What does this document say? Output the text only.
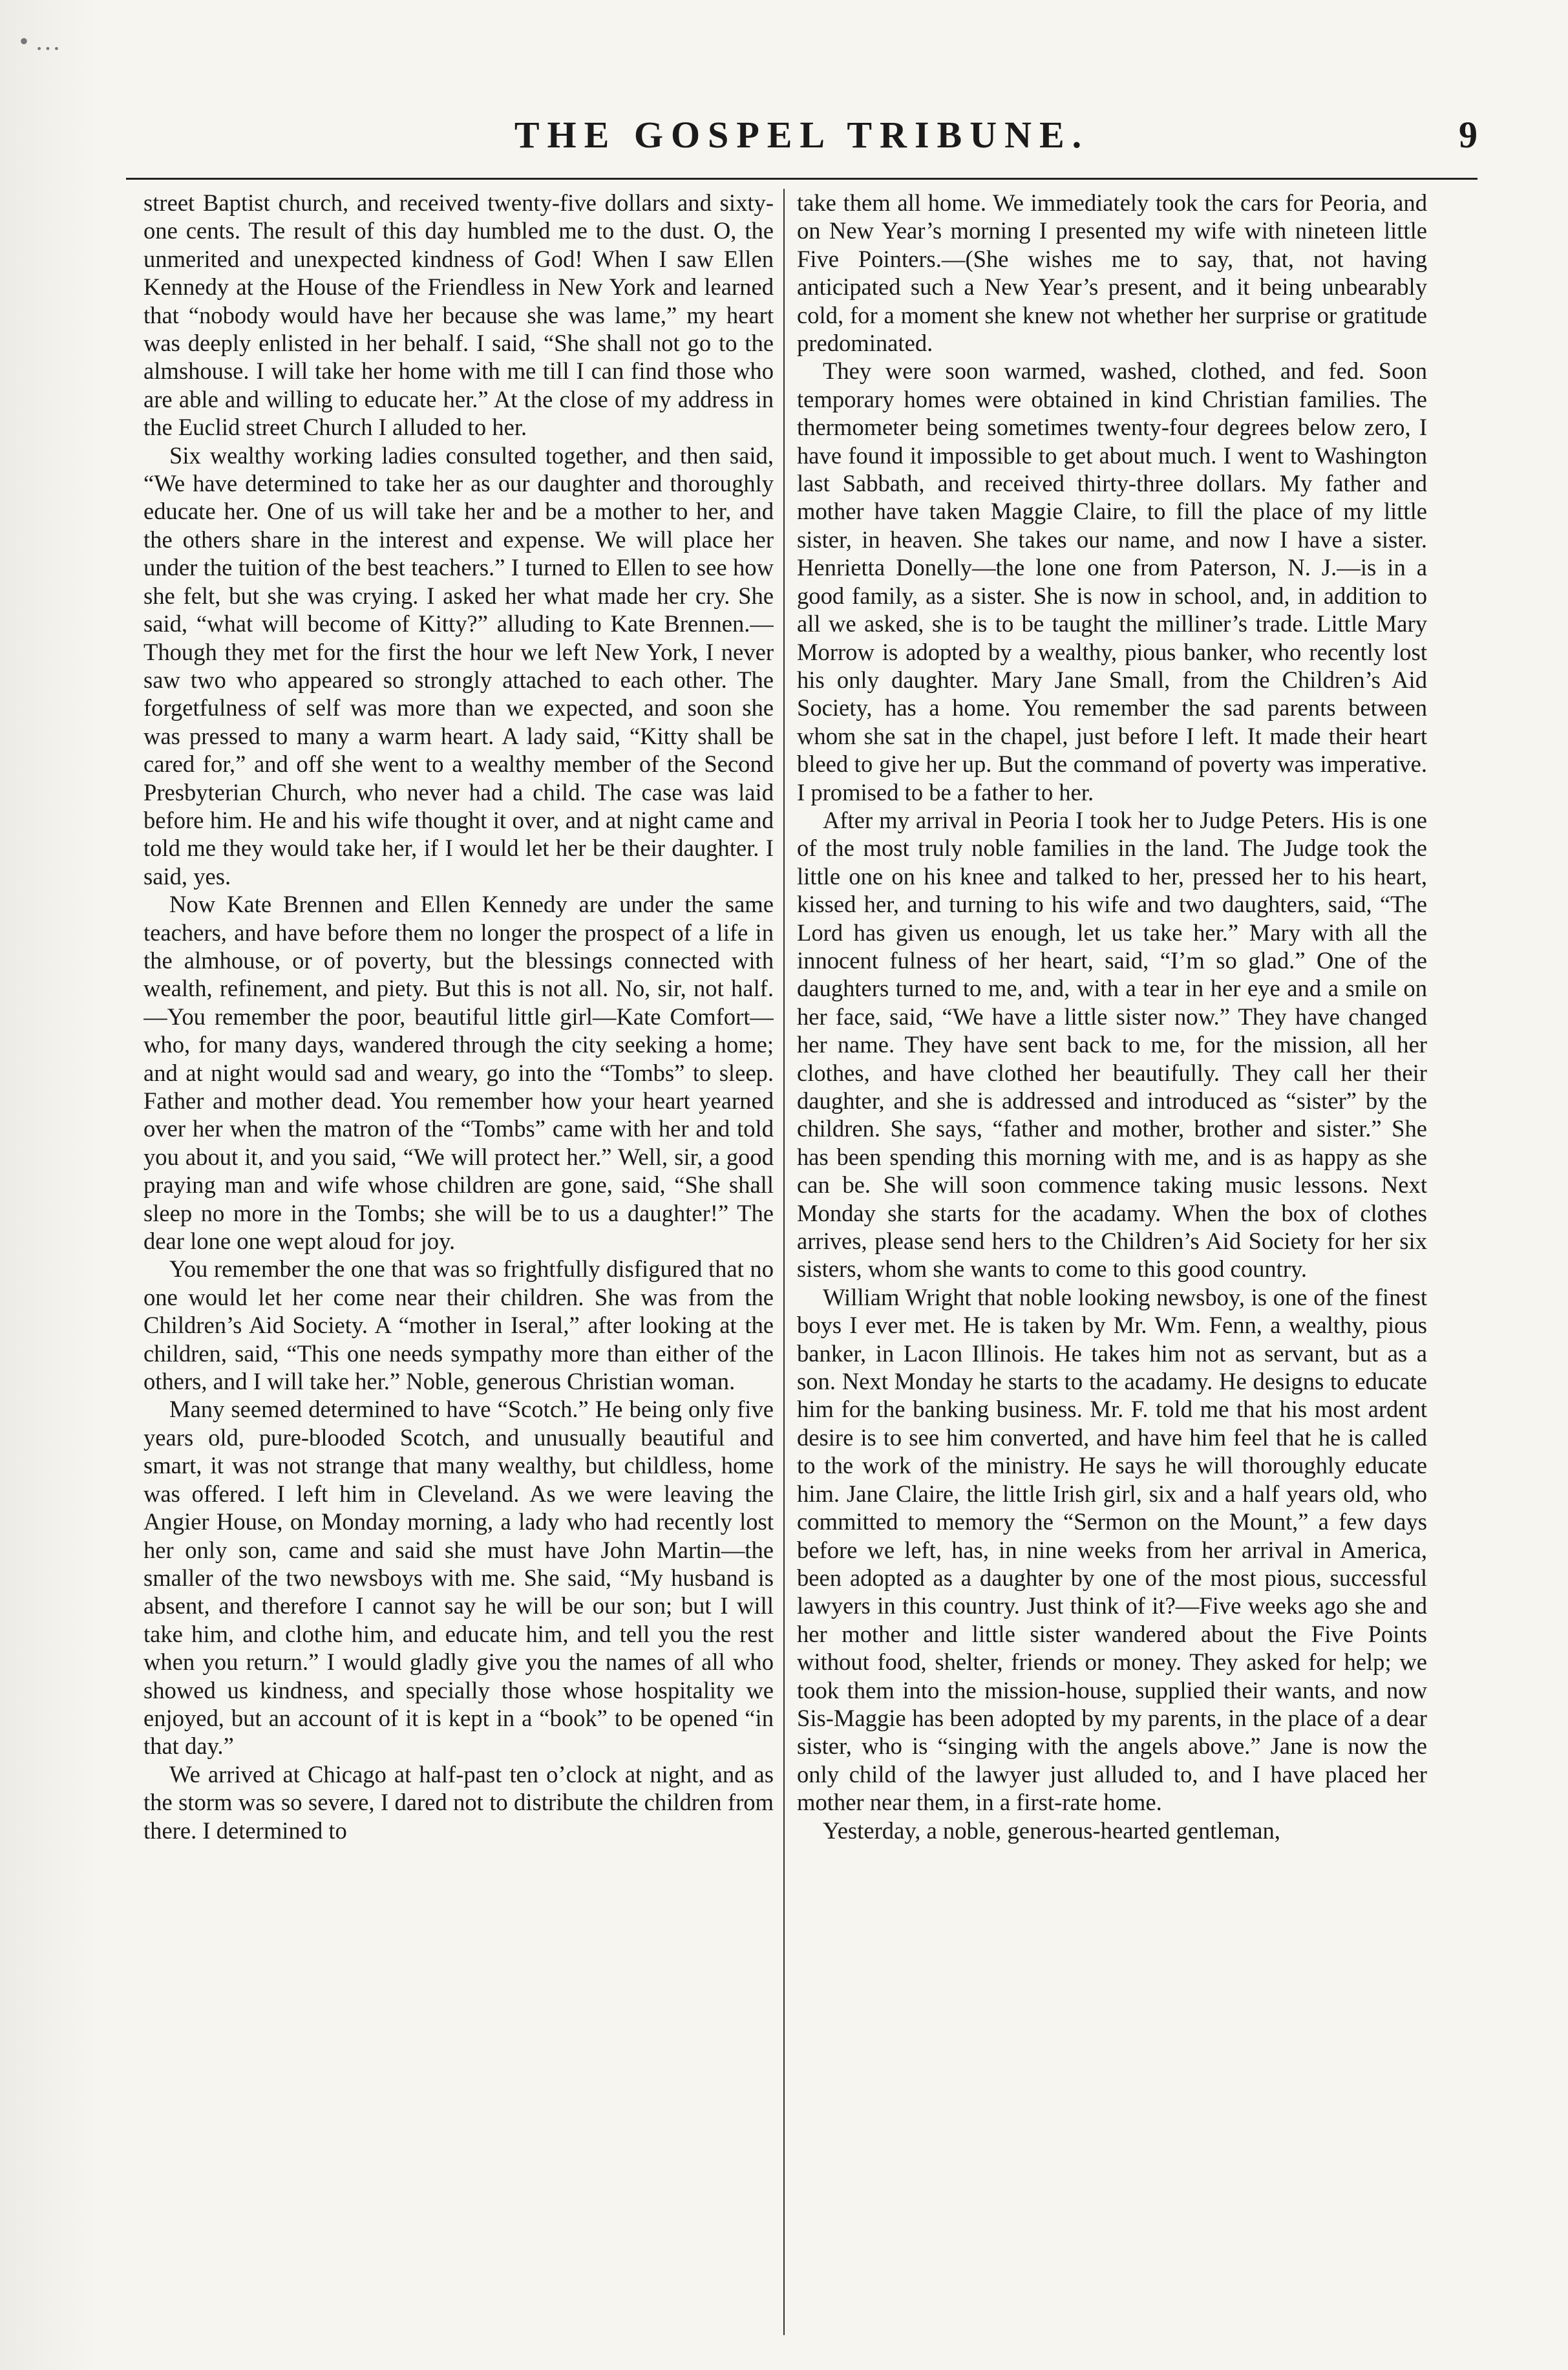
• …
THE GOSPEL TRIBUNE.	9

street Baptist church, and received twenty-five dollars and sixty-one cents. The result of this day humbled me to the dust. O, the unmerited and unexpected kindness of God! When I saw Ellen Kennedy at the House of the Friendless in New York and learned that “nobody would have her because she was lame,” my heart was deeply enlisted in her behalf. I said, “She shall not go to the almshouse. I will take her home with me till I can find those who are able and willing to educate her.” At the close of my address in the Euclid street Church I alluded to her.

Six wealthy working ladies consulted together, and then said, “We have determined to take her as our daughter and thoroughly educate her. One of us will take her and be a mother to her, and the others share in the interest and expense. We will place her under the tuition of the best teachers.” I turned to Ellen to see how she felt, but she was crying. I asked her what made her cry. She said, “what will become of Kitty?” alluding to Kate Brennen.—Though they met for the first the hour we left New York, I never saw two who appeared so strongly attached to each other. The forgetfulness of self was more than we expected, and soon she was pressed to many a warm heart. A lady said, “Kitty shall be cared for,” and off she went to a wealthy member of the Second Presbyterian Church, who never had a child. The case was laid before him. He and his wife thought it over, and at night came and told me they would take her, if I would let her be their daughter. I said, yes.

Now Kate Brennen and Ellen Kennedy are under the same teachers, and have before them no longer the prospect of a life in the almhouse, or of poverty, but the blessings connected with wealth, refinement, and piety. But this is not all. No, sir, not half.—You remember the poor, beautiful little girl—Kate Comfort—who, for many days, wandered through the city seeking a home; and at night would sad and weary, go into the “Tombs” to sleep. Father and mother dead. You remember how your heart yearned over her when the matron of the “Tombs” came with her and told you about it, and you said, “We will protect her.” Well, sir, a good praying man and wife whose children are gone, said, “She shall sleep no more in the Tombs; she will be to us a daughter!” The dear lone one wept aloud for joy.

You remember the one that was so frightfully disfigured that no one would let her come near their children. She was from the Children’s Aid Society. A “mother in Iseral,” after looking at the children, said, “This one needs sympathy more than either of the others, and I will take her.” Noble, generous Christian woman.

Many seemed determined to have “Scotch.” He being only five years old, pure-blooded Scotch, and unusually beautiful and smart, it was not strange that many wealthy, but childless, home was offered. I left him in Cleveland. As we were leaving the Angier House, on Monday morning, a lady who had recently lost her only son, came and said she must have John Martin—the smaller of the two newsboys with me. She said, “My husband is absent, and therefore I cannot say he will be our son; but I will take him, and clothe him, and educate him, and tell you the rest when you return.” I would gladly give you the names of all who showed us kindness, and specially those whose hospitality we enjoyed, but an account of it is kept in a “book” to be opened “in that day.”

We arrived at Chicago at half-past ten o’clock at night, and as the storm was so severe, I dared not to distribute the children from there. I determined to

take them all home. We immediately took the cars for Peoria, and on New Year’s morning I presented my wife with nineteen little Five Pointers.—(She wishes me to say, that, not having anticipated such a New Year’s present, and it being unbearably cold, for a moment she knew not whether her surprise or gratitude predominated.

They were soon warmed, washed, clothed, and fed. Soon temporary homes were obtained in kind Christian families. The thermometer being sometimes twenty-four degrees below zero, I have found it impossible to get about much. I went to Washington last Sabbath, and received thirty-three dollars. My father and mother have taken Maggie Claire, to fill the place of my little sister, in heaven. She takes our name, and now I have a sister. Henrietta Donelly—the lone one from Paterson, N. J.—is in a good family, as a sister. She is now in school, and, in addition to all we asked, she is to be taught the milliner’s trade. Little Mary Morrow is adopted by a wealthy, pious banker, who recently lost his only daughter. Mary Jane Small, from the Children’s Aid Society, has a home. You remember the sad parents between whom she sat in the chapel, just before I left. It made their heart bleed to give her up. But the command of poverty was imperative. I promised to be a father to her.

After my arrival in Peoria I took her to Judge Peters. His is one of the most truly noble families in the land. The Judge took the little one on his knee and talked to her, pressed her to his heart, kissed her, and turning to his wife and two daughters, said, “The Lord has given us enough, let us take her.” Mary with all the innocent fulness of her heart, said, “I’m so glad.” One of the daughters turned to me, and, with a tear in her eye and a smile on her face, said, “We have a little sister now.” They have changed her name. They have sent back to me, for the mission, all her clothes, and have clothed her beautifully. They call her their daughter, and she is addressed and introduced as “sister” by the children. She says, “father and mother, brother and sister.” She has been spending this morning with me, and is as happy as she can be. She will soon commence taking music lessons. Next Monday she starts for the acadamy. When the box of clothes arrives, please send hers to the Children’s Aid Society for her six sisters, whom she wants to come to this good country.

William Wright that noble looking newsboy, is one of the finest boys I ever met. He is taken by Mr. Wm. Fenn, a wealthy, pious banker, in Lacon Illinois. He takes him not as servant, but as a son. Next Monday he starts to the acadamy. He designs to educate him for the banking business. Mr. F. told me that his most ardent desire is to see him converted, and have him feel that he is called to the work of the ministry. He says he will thoroughly educate him. Jane Claire, the little Irish girl, six and a half years old, who committed to memory the “Sermon on the Mount,” a few days before we left, has, in nine weeks from her arrival in America, been adopted as a daughter by one of the most pious, successful lawyers in this country. Just think of it?—Five weeks ago she and her mother and little sister wandered about the Five Points without food, shelter, friends or money. They asked for help; we took them into the mission-house, supplied their wants, and now Sis-Maggie has been adopted by my parents, in the place of a dear sister, who is “singing with the angels above.” Jane is now the only child of the lawyer just alluded to, and I have placed her mother near them, in a first-rate home.

Yesterday, a noble, generous-hearted gentleman,
